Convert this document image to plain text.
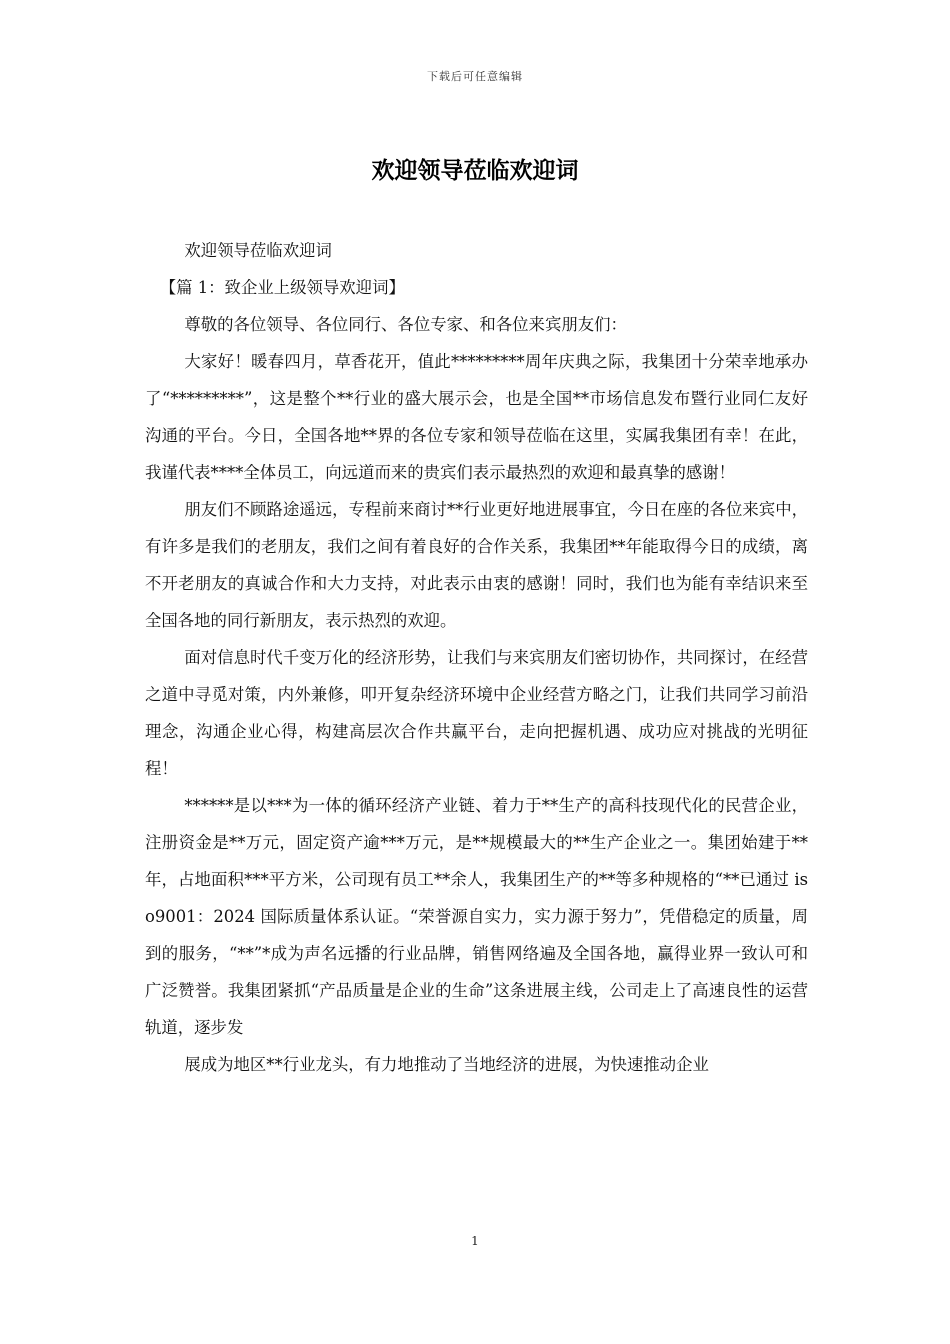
下载后可任意编辑
欢迎领导莅临欢迎词

欢迎领导莅临欢迎词

【篇 1：致企业上级领导欢迎词】

尊敬的各位领导、各位同行、各位专家、和各位来宾朋友们：

大家好！暖春四月，草香花开，值此*********周年庆典之际，我集团十分荣幸地承办了“*********”，这是整个**行业的盛大展示会，也是全国**市场信息发布暨行业同仁友好沟通的平台。今日，全国各地**界的各位专家和领导莅临在这里，实属我集团有幸！在此，我谨代表****全体员工，向远道而来的贵宾们表示最热烈的欢迎和最真挚的感谢！

朋友们不顾路途遥远，专程前来商讨**行业更好地进展事宜，今日在座的各位来宾中，有许多是我们的老朋友，我们之间有着良好的合作关系，我集团**年能取得今日的成绩，离不开老朋友的真诚合作和大力支持，对此表示由衷的感谢！同时，我们也为能有幸结识来至全国各地的同行新朋友，表示热烈的欢迎。

面对信息时代千变万化的经济形势，让我们与来宾朋友们密切协作，共同探讨，在经营之道中寻觅对策，内外兼修，叩开复杂经济环境中企业经营方略之门，让我们共同学习前沿理念，沟通企业心得，构建高层次合作共赢平台，走向把握机遇、成功应对挑战的光明征程！

******是以***为一体的循环经济产业链、着力于**生产的高科技现代化的民营企业，注册资金是**万元，固定资产逾***万元，是**规模最大的**生产企业之一。集团始建于**年，占地面积***平方米，公司现有员工**余人，我集团生产的**等多种规格的“**已通过 iso9001：2024 国际质量体系认证。“荣誉源自实力，实力源于努力”，凭借稳定的质量，周到的服务，“**”*成为声名远播的行业品牌，销售网络遍及全国各地，赢得业界一致认可和广泛赞誉。我集团紧抓“产品质量是企业的生命”这条进展主线，公司走上了高速良性的运营轨道，逐步发

展成为地区**行业龙头，有力地推动了当地经济的进展，为快速推动企业

1
